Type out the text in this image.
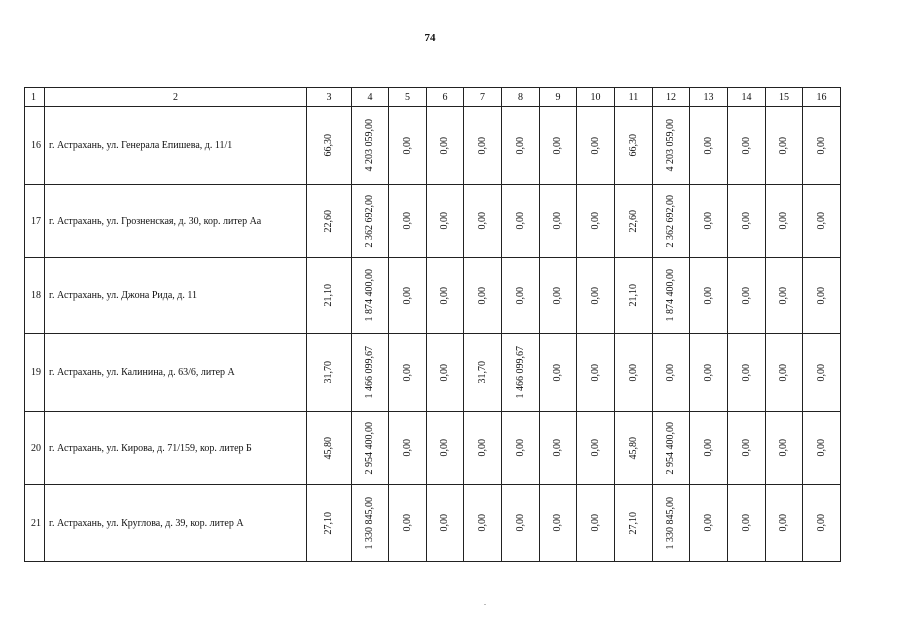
74
1	2	3	4	5	6	7	8	9	10	11	12	13	14	15	16
16	г. Астрахань, ул. Генерала Епишева, д. 11/1	66,30	4 203 059,00	0,00	0,00	0,00	0,00	0,00	0,00	66,30	4 203 059,00	0,00	0,00	0,00	0,00

17	г. Астрахань, ул. Грозненская, д. 30, кор. литер Аа	22,60	2 362 692,00	0,00	0,00	0,00	0,00	0,00	0,00	22,60	2 362 692,00	0,00	0,00	0,00	0,00

18	г. Астрахань, ул. Джона Рида, д. 11	21,10	1 874 400,00	0,00	0,00	0,00	0,00	0,00	0,00	21,10	1 874 400,00	0,00	0,00	0,00	0,00

19	г. Астрахань, ул. Калинина, д. 63/6, литер А	31,70	1 466 099,67	0,00	0,00	31,70	1 466 099,67	0,00	0,00	0,00	0,00	0,00	0,00	0,00	0,00

20	г. Астрахань, ул. Кирова, д. 71/159, кор. литер Б	45,80	2 954 400,00	0,00	0,00	0,00	0,00	0,00	0,00	45,80	2 954 400,00	0,00	0,00	0,00	0,00

21	г. Астрахань, ул. Круглова, д. 39, кор. литер А	27,10	1 330 845,00	0,00	0,00	0,00	0,00	0,00	0,00	27,10	1 330 845,00	0,00	0,00	0,00	0,00
